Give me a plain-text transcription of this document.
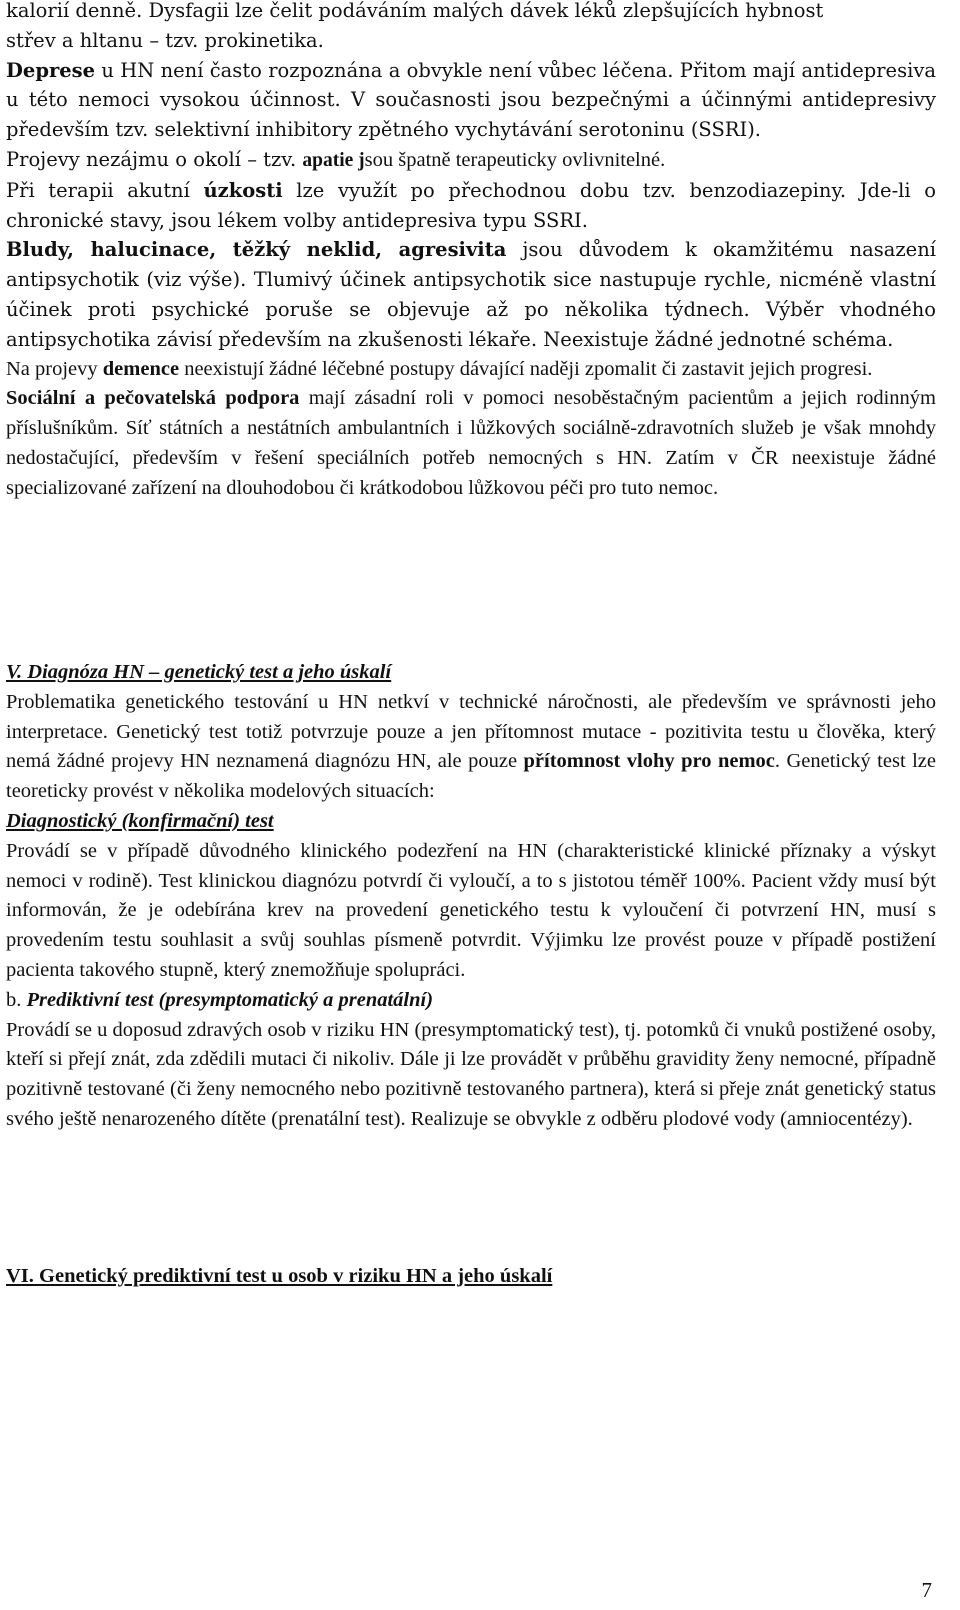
kalorií denně. Dysfagii lze čelit podáváním malých dávek léků zlepšujících hybnost
střev a hltanu – tzv. prokinetika.

Deprese u HN není často rozpoznána a obvykle není vůbec léčena. Přitom mají antidepresiva u této nemoci vysokou účinnost. V současnosti jsou bezpečnými a účinnými antidepresivy především tzv. selektivní inhibitory zpětného vychytávání serotoninu (SSRI).

Projevy nezájmu o okolí – tzv. apatie jsou špatně terapeuticky ovlivnitelné.

Při terapii akutní úzkosti lze využít po přechodnou dobu tzv. benzodiazepiny. Jde-li o chronické stavy, jsou lékem volby antidepresiva typu SSRI.

Bludy, halucinace, těžký neklid, agresivita jsou důvodem k okamžitému nasazení antipsychotik (viz výše). Tlumivý účinek antipsychotik sice nastupuje rychle, nicméně vlastní účinek proti psychické poruše se objevuje až po několika týdnech. Výběr vhodného antipsychotika závisí především na zkušenosti lékaře. Neexistuje žádné jednotné schéma.

Na projevy demence neexistují žádné léčebné postupy dávající naději zpomalit či zastavit jejich progresi.

Sociální a pečovatelská podpora mají zásadní roli v pomoci nesoběstačným pacientům a jejich rodinným příslušníkům. Síť státních a nestátních ambulantních i lůžkových sociálně-zdravotních služeb je však mnohdy nedostačující, především v řešení speciálních potřeb nemocných s HN. Zatím v ČR neexistuje žádné specializované zařízení na dlouhodobou či krátkodobou lůžkovou péči pro tuto nemoc.

V. Diagnóza HN – genetický test a jeho úskalí

Problematika genetického testování u HN netkví v technické náročnosti, ale především ve správnosti jeho interpretace. Genetický test totiž potvrzuje pouze a jen přítomnost mutace - pozitivita testu u člověka, který nemá žádné projevy HN neznamená diagnózu HN, ale pouze přítomnost vlohy pro nemoc. Genetický test lze teoreticky provést v několika modelových situacích:

Diagnostický (konfirmační) test

Provádí se v případě důvodného klinického podezření na HN (charakteristické klinické příznaky a výskyt nemoci v rodině). Test klinickou diagnózu potvrdí či vyloučí, a to s jistotou téměř 100%. Pacient vždy musí být informován, že je odebírána krev na provedení genetického testu k vyloučení či potvrzení HN, musí s provedením testu souhlasit a svůj souhlas písmeně potvrdit. Výjimku lze provést pouze v případě postižení pacienta takového stupně, který znemožňuje spolupráci.

b. Prediktivní test (presymptomatický a prenatální)

Provádí se u doposud zdravých osob v riziku HN (presymptomatický test), tj. potomků či vnuků postižené osoby, kteří si přejí znát, zda zdědili mutaci či nikoliv. Dále ji lze provádět v průběhu gravidity ženy nemocné, případně pozitivně testované (či ženy nemocného nebo pozitivně testovaného partnera), která si přeje znát genetický status svého ještě nenarozeného dítěte (prenatální test). Realizuje se obvykle z odběru plodové vody (amniocentézy).

VI. Genetický prediktivní test u osob v riziku HN a jeho úskalí

7
